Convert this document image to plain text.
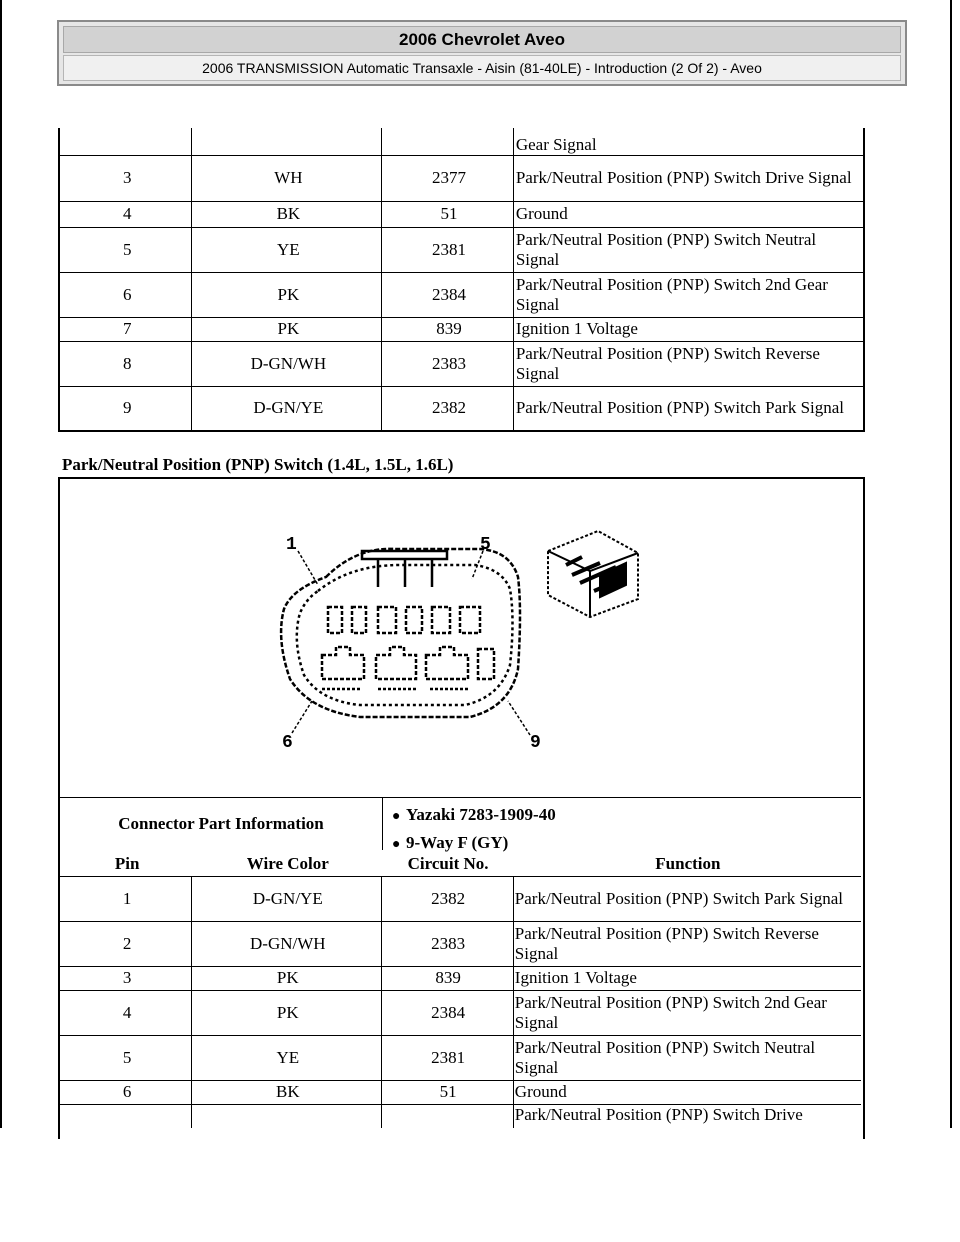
2006 Chevrolet Aveo
2006 TRANSMISSION Automatic Transaxle - Aisin (81-40LE) - Introduction (2 Of 2) - Aveo
			Gear Signal
3	WH	2377	Park/Neutral Position (PNP) Switch Drive Signal
4	BK	51	Ground
5	YE	2381	Park/Neutral Position (PNP) Switch Neutral Signal
6	PK	2384	Park/Neutral Position (PNP) Switch 2nd Gear Signal
7	PK	839	Ignition 1 Voltage
8	D-GN/WH	2383	Park/Neutral Position (PNP) Switch Reverse Signal
9	D-GN/YE	2382	Park/Neutral Position (PNP) Switch Park Signal
Park/Neutral Position (PNP) Switch (1.4L, 1.5L, 1.6L)
1	5
6	9
Connector Part Information	● Yazaki 7283-1909-40
● 9-Way F (GY)
Pin	Wire Color	Circuit No.	Function
1	D-GN/YE	2382	Park/Neutral Position (PNP) Switch Park Signal
2	D-GN/WH	2383	Park/Neutral Position (PNP) Switch Reverse Signal
3	PK	839	Ignition 1 Voltage
4	PK	2384	Park/Neutral Position (PNP) Switch 2nd Gear Signal
5	YE	2381	Park/Neutral Position (PNP) Switch Neutral Signal
6	BK	51	Ground
			Park/Neutral Position (PNP) Switch Drive
